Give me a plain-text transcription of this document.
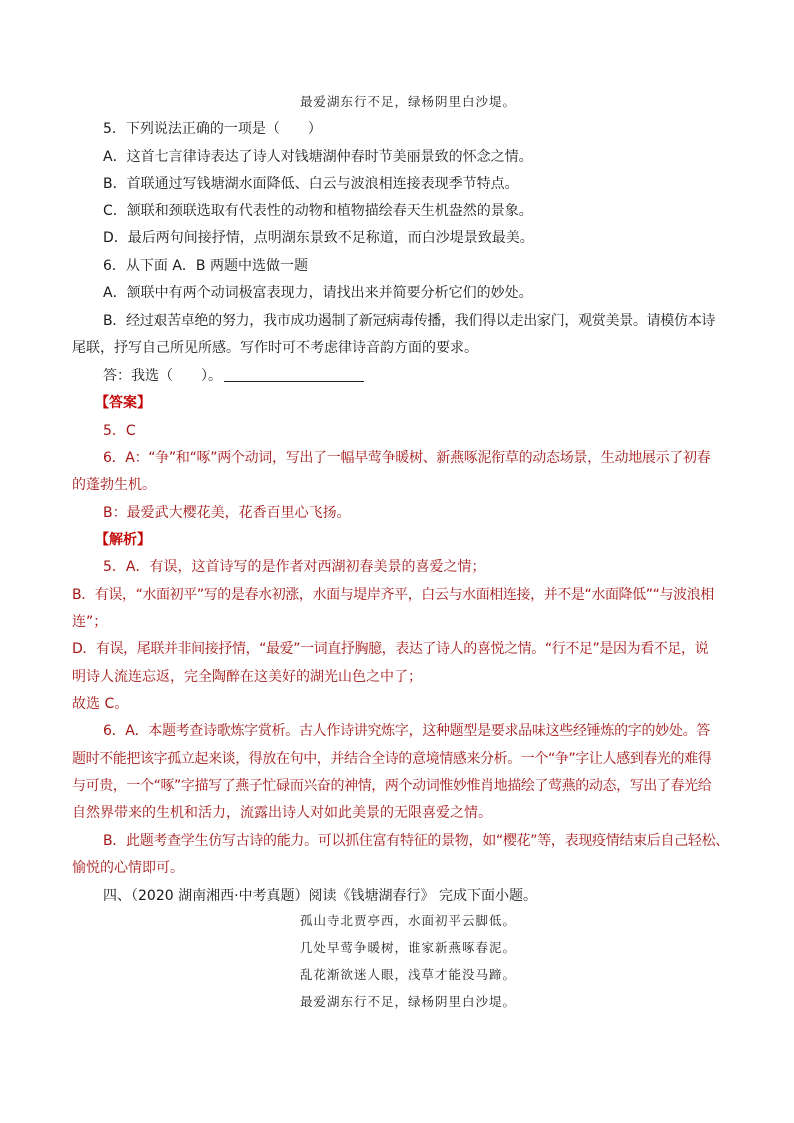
最爱湖东行不足，绿杨阴里白沙堤。
5．下列说法正确的一项是（　　）
A．这首七言律诗表达了诗人对钱塘湖仲春时节美丽景致的怀念之情。
B．首联通过写钱塘湖水面降低、白云与波浪相连接表现季节特点。
C．颔联和颈联选取有代表性的动物和植物描绘春天生机盎然的景象。
D．最后两句间接抒情，点明湖东景致不足称道，而白沙堤景致最美。
6．从下面 A．B 两题中选做一题
A．颔联中有两个动词极富表现力，请找出来并简要分析它们的妙处。
B．经过艰苦卓绝的努力，我市成功遏制了新冠病毒传播，我们得以走出家门，观赏美景。请模仿本诗
尾联，抒写自己所见所感。写作时可不考虑律诗音韵方面的要求。
答：我选（　　）。
【答案】
5．C
6．A：“争”和“啄”两个动词，写出了一幅早莺争暖树、新燕啄泥衔草的动态场景，生动地展示了初春
的蓬勃生机。
B：最爱武大樱花美，花香百里心飞扬。
【解析】
5．A．有误，这首诗写的是作者对西湖初春美景的喜爱之情；
B．有误，“水面初平”写的是春水初涨，水面与堤岸齐平，白云与水面相连接，并不是“水面降低”“与波浪相
连”；
D．有误，尾联并非间接抒情，“最爱”一词直抒胸臆，表达了诗人的喜悦之情。“行不足”是因为看不足，说
明诗人流连忘返，完全陶醉在这美好的湖光山色之中了；
故选 C。
6．A．本题考查诗歌炼字赏析。古人作诗讲究炼字，这种题型是要求品味这些经锤炼的字的妙处。答
题时不能把该字孤立起来谈，得放在句中，并结合全诗的意境情感来分析。一个“争”字让人感到春光的难得
与可贵，一个“啄”字描写了燕子忙碌而兴奋的神情，两个动词惟妙惟肖地描绘了莺燕的动态，写出了春光给
自然界带来的生机和活力，流露出诗人对如此美景的无限喜爱之情。
B．此题考查学生仿写古诗的能力。可以抓住富有特征的景物，如“樱花”等，表现疫情结束后自己轻松、
愉悦的心情即可。
四、（2020 湖南湘西·中考真题）阅读《钱塘湖春行》 完成下面小题。
孤山寺北贾亭西，水面初平云脚低。
几处早莺争暖树，谁家新燕啄春泥。
乱花渐欲迷人眼，浅草才能没马蹄。
最爱湖东行不足，绿杨阴里白沙堤。
